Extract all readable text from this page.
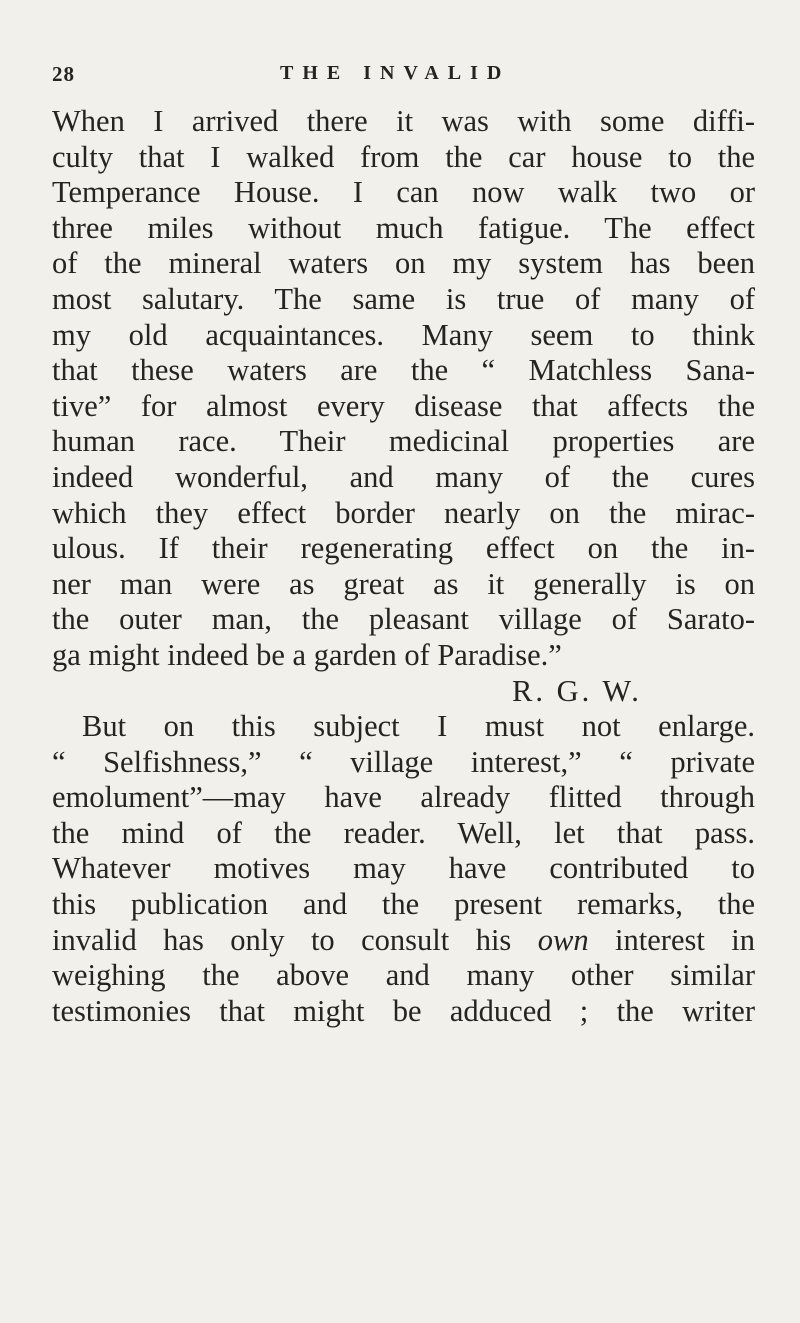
28	THE INVALID
When I arrived there it was with some diffi-
culty that I walked from the car house to the
Temperance House. I can now walk two or
three miles without much fatigue. The effect
of the mineral waters on my system has been
most salutary. The same is true of many of
my old acquaintances. Many seem to think
that these waters are the “ Matchless Sana-
tive” for almost every disease that affects the
human race. Their medicinal properties are
indeed wonderful, and many of the cures
which they effect border nearly on the mirac-
ulous. If their regenerating effect on the in-
ner man were as great as it generally is on
the outer man, the pleasant village of Sarato-
ga might indeed be a garden of Paradise.”
R. G. W.
But on this subject I must not enlarge.
“ Selfishness,” “ village interest,” “ private
emolument”—may have already flitted through
the mind of the reader. Well, let that pass.
Whatever motives may have contributed to
this publication and the present remarks, the
invalid has only to consult his own interest in
weighing the above and many other similar
testimonies that might be adduced ; the writer
